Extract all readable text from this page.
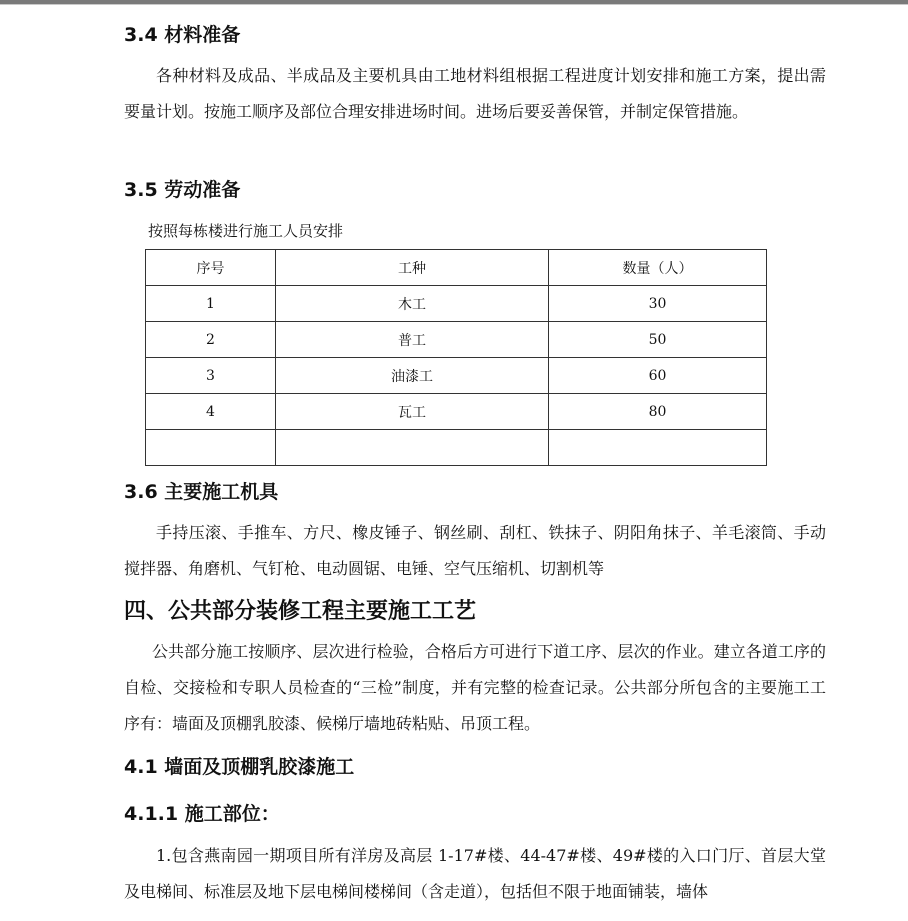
3.4 材料准备

各种材料及成品、半成品及主要机具由工地材料组根据工程进度计划安排和施工方案，提出需要量计划。按施工顺序及部位合理安排进场时间。进场后要妥善保管，并制定保管措施。

3.5 劳动准备

按照每栋楼进行施工人员安排

序号	工种	数量（人）
1	木工	30
2	普工	50
3	油漆工	60
4	瓦工	80

3.6 主要施工机具

手持压滚、手推车、方尺、橡皮锤子、钢丝刷、刮杠、铁抹子、阴阳角抹子、羊毛滚筒、手动搅拌器、角磨机、气钉枪、电动圆锯、电锤、空气压缩机、切割机等

四、公共部分装修工程主要施工工艺

公共部分施工按顺序、层次进行检验，合格后方可进行下道工序、层次的作业。建立各道工序的自检、交接检和专职人员检查的“三检”制度，并有完整的检查记录。公共部分所包含的主要施工工序有：墙面及顶棚乳胶漆、候梯厅墙地砖粘贴、吊顶工程。

4.1 墙面及顶棚乳胶漆施工
4.1.1 施工部位：

1.包含燕南园一期项目所有洋房及高层 1-17#楼、44-47#楼、49#楼的入口门厅、首层大堂及电梯间、标准层及地下层电梯间楼梯间（含走道），包括但不限于地面铺装，墙体
